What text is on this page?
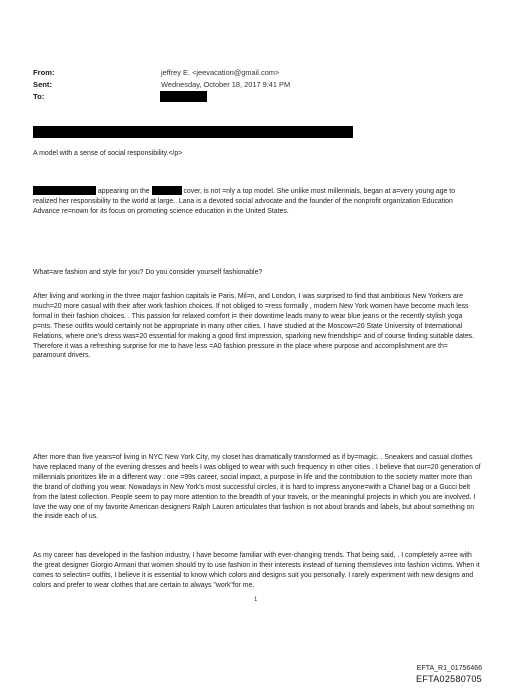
From:	jeffrey E. <jeevacation@gmail.com>
Sent:	Wednesday, October 18, 2017 9:41 PM
To:
A model with a sense of social responsibility.</p>
appearing on the	cover, is not =nly a top model. She unlike most millennials, began at a=very young age to realized her responsibility to the world at large.. Lana is a devoted social advocate and the founder of the nonprofit organization Education Advance re=nown for its focus on promoting science education in the United States.
What=are fashion and style for you? Do you consider yourself fashionable?
After living and working in the three major fashion capitals ie Paris, Mil=n, and London, I was surprised to find that ambitious New Yorkers are much=20 more casual with their after work fashion choices. If not obliged to =ress formally , modern New York women have become much less formal in their fashion choices. . This passion for relaxed comfort i= their downtime leads many to wear blue jeans or the recently stylish yoga p=nts. These outfits would certainly not be appropriate in many other cities. I have studied at the Moscow=20 State University of International Relations, where one's dress was=20 essential for making a good first impression, sparking new friendship= and of course finding suitable dates. Therefore it was a refreshing surprise for me to have less =A0 fashion pressure in the place where purpose and accomplishment are th= paramount drivers.
After more than five years=of living in NYC New York City, my closet has dramatically transformed as if by=magic. . Sneakers and casual clothes have replaced many of the evening dresses and heels I was obliged to wear with such frequency in other cities . I believe that our=20 generation of millennials prioritizes life in a different way : one =99s career, social impact, a purpose in life and the contribution to the society matter more than the brand of clothing you wear. Nowadays in New York's most successful circles, it is hard to impress anyone=with a Chanel bag or a Gucci belt from the latest collection. People seem to pay more attention to the breadth of your travels, or the meaningful projects in which you are involved. I love the way one of my favorite American designers Ralph Lauren articulates that fashion is not about brands and labels, but about something on the inside each of us.
As my career has developed in the fashion industry, I have become familiar with ever-changing trends. That being said, . I completely a=ree with the great designer Giorgio Armani that women should try to use fashion in their interests instead of turning themsleves into fashion victims. When it comes to selectin= outfits, I believe it is essential to know which colors and designs suit you personally. I rarely experiment with new designs and colors and prefer to wear clothes that are certain to always "work"for me.
1
EFTA_R1_01756466
EFTA02580705
